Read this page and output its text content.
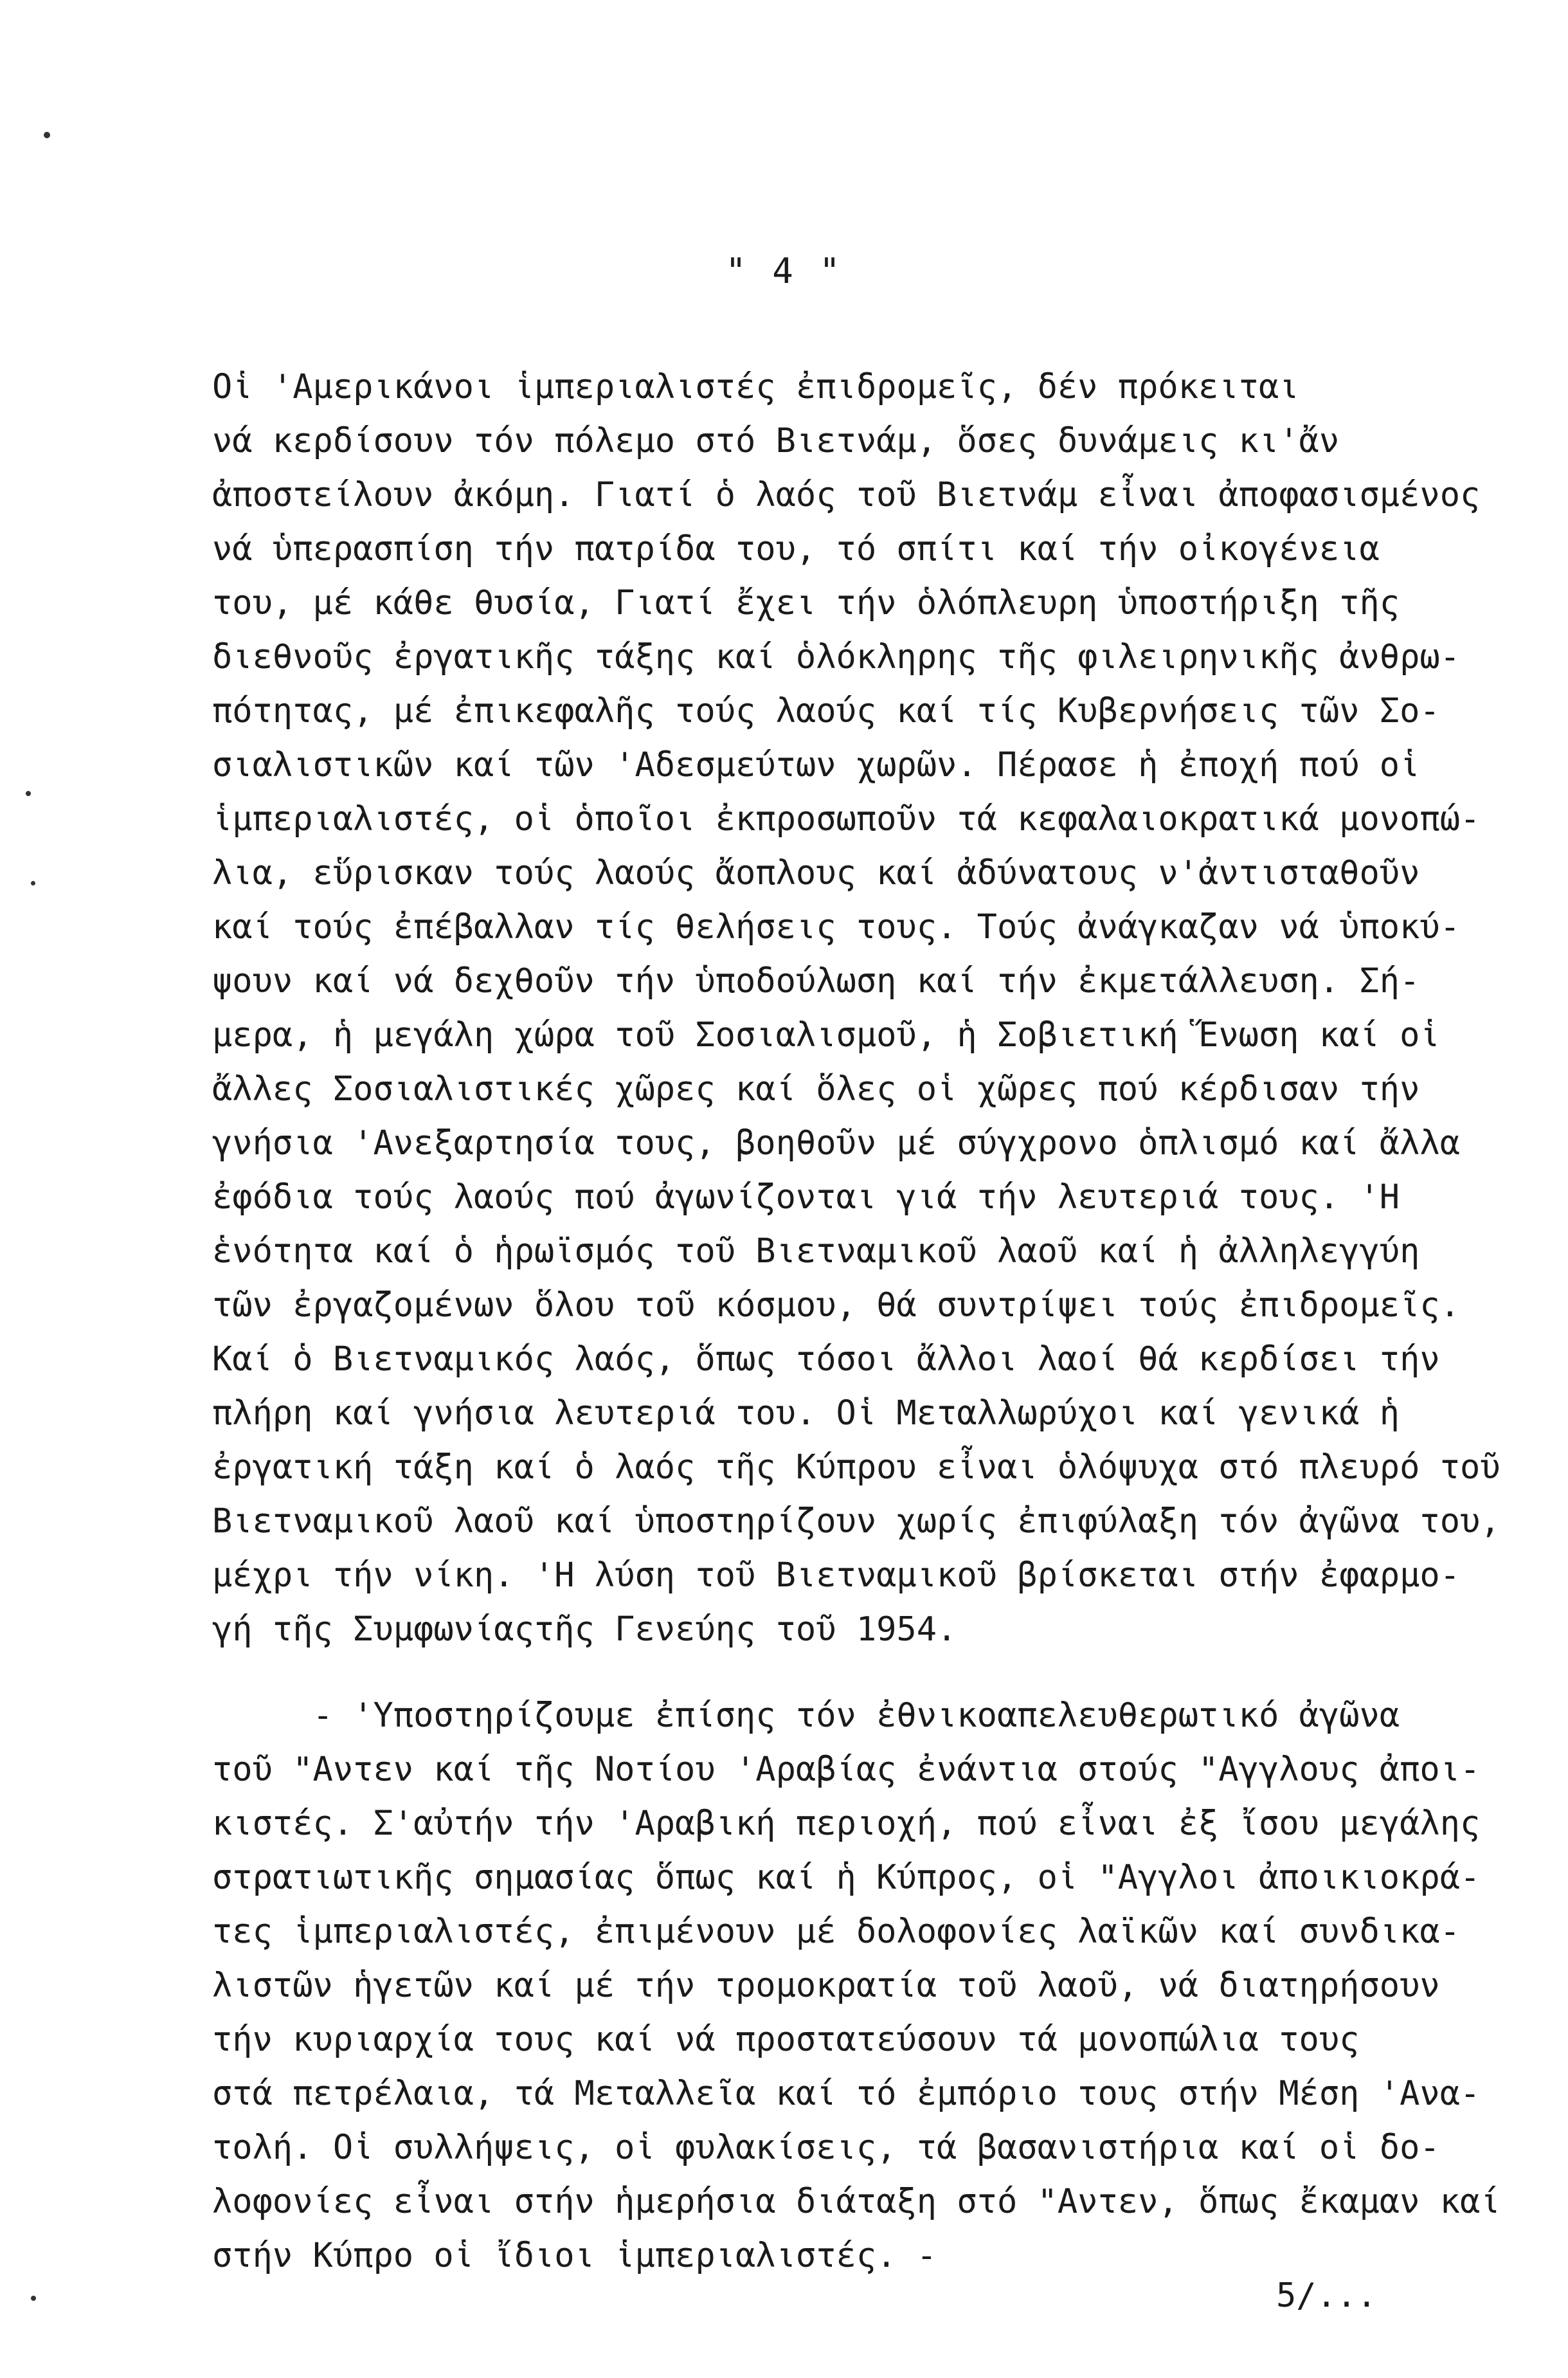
" 4 "
Οἱ 'Αμερικάνοι ἱμπεριαλιστές ἐπιδρομεῖς, δέν πρόκειται
νά κερδίσουν τόν πόλεμο στό Βιετνάμ, ὅσες δυνάμεις κι'ἄν
ἀποστείλουν ἀκόμη. Γιατί ὁ λαός τοῦ Βιετνάμ εἶναι ἀποφασισμένος
νά ὑπερασπίση τήν πατρίδα του, τό σπίτι καί τήν οἰκογένεια
του, μέ κάθε θυσία, Γιατί ἔχει τήν ὁλόπλευρη ὑποστήριξη τῆς
διεθνοῦς ἐργατικῆς τάξης καί ὁλόκληρης τῆς φιλειρηνικῆς ἀνθρω-
πότητας, μέ ἐπικεφαλῆς τούς λαούς καί τίς Κυβερνήσεις τῶν Σο-
σιαλιστικῶν καί τῶν 'Αδεσμεύτων χωρῶν. Πέρασε ἡ ἐποχή πού οἱ
ἱμπεριαλιστές, οἱ ὁποῖοι ἐκπροσωποῦν τά κεφαλαιοκρατικά μονοπώ-
λια, εὕρισκαν τούς λαούς ἄοπλους καί ἀδύνατους ν'ἀντισταθοῦν
καί τούς ἐπέβαλλαν τίς θελήσεις τους. Τούς ἀνάγκαζαν νά ὑποκύ-
ψουν καί νά δεχθοῦν τήν ὑποδούλωση καί τήν ἐκμετάλλευση. Σή-
μερα, ἡ μεγάλη χώρα τοῦ Σοσιαλισμοῦ, ἡ Σοβιετική Ἕνωση καί οἱ
ἄλλες Σοσιαλιστικές χῶρες καί ὅλες οἱ χῶρες πού κέρδισαν τήν
γνήσια 'Ανεξαρτησία τους, βοηθοῦν μέ σύγχρονο ὁπλισμό καί ἄλλα
ἐφόδια τούς λαούς πού ἀγωνίζονται γιά τήν λευτεριά τους. 'Η
ἑνότητα καί ὁ ἡρωϊσμός τοῦ Βιετναμικοῦ λαοῦ καί ἡ ἀλληλεγγύη
τῶν ἐργαζομένων ὅλου τοῦ κόσμου, θά συντρίψει τούς ἐπιδρομεῖς.
Καί ὁ Βιετναμικός λαός, ὅπως τόσοι ἄλλοι λαοί θά κερδίσει τήν
πλήρη καί γνήσια λευτεριά του. Οἱ Μεταλλωρύχοι καί γενικά ἡ
ἐργατική τάξη καί ὁ λαός τῆς Κύπρου εἶναι ὁλόψυχα στό πλευρό τοῦ
Βιετναμικοῦ λαοῦ καί ὑποστηρίζουν χωρίς ἐπιφύλαξη τόν ἀγῶνα του,
μέχρι τήν νίκη. 'Η λύση τοῦ Βιετναμικοῦ βρίσκεται στήν ἐφαρμο-
γή τῆς Συμφωνίαςτῆς Γενεύης τοῦ 1954.
- 'Υποστηρίζουμε ἐπίσης τόν ἐθνικοαπελευθερωτικό ἀγῶνα
τοῦ "Αντεν καί τῆς Νοτίου 'Αραβίας ἐνάντια στούς "Αγγλους ἀποι-
κιστές. Σ'αὐτήν τήν 'Αραβική περιοχή, πού εἶναι ἐξ ἴσου μεγάλης
στρατιωτικῆς σημασίας ὅπως καί ἡ Κύπρος, οἱ "Αγγλοι ἀποικιοκρά-
τες ἱμπεριαλιστές, ἐπιμένουν μέ δολοφονίες λαϊκῶν καί συνδικα-
λιστῶν ἡγετῶν καί μέ τήν τρομοκρατία τοῦ λαοῦ, νά διατηρήσουν
τήν κυριαρχία τους καί νά προστατεύσουν τά μονοπώλια τους
στά πετρέλαια, τά Μεταλλεῖα καί τό ἐμπόριο τους στήν Μέση 'Ανα-
τολή. Οἱ συλλήψεις, οἱ φυλακίσεις, τά βασανιστήρια καί οἱ δο-
λοφονίες εἶναι στήν ἡμερήσια διάταξη στό "Αντεν, ὅπως ἔκαμαν καί
στήν Κύπρο οἱ ἴδιοι ἱμπεριαλιστές. -
5/...
